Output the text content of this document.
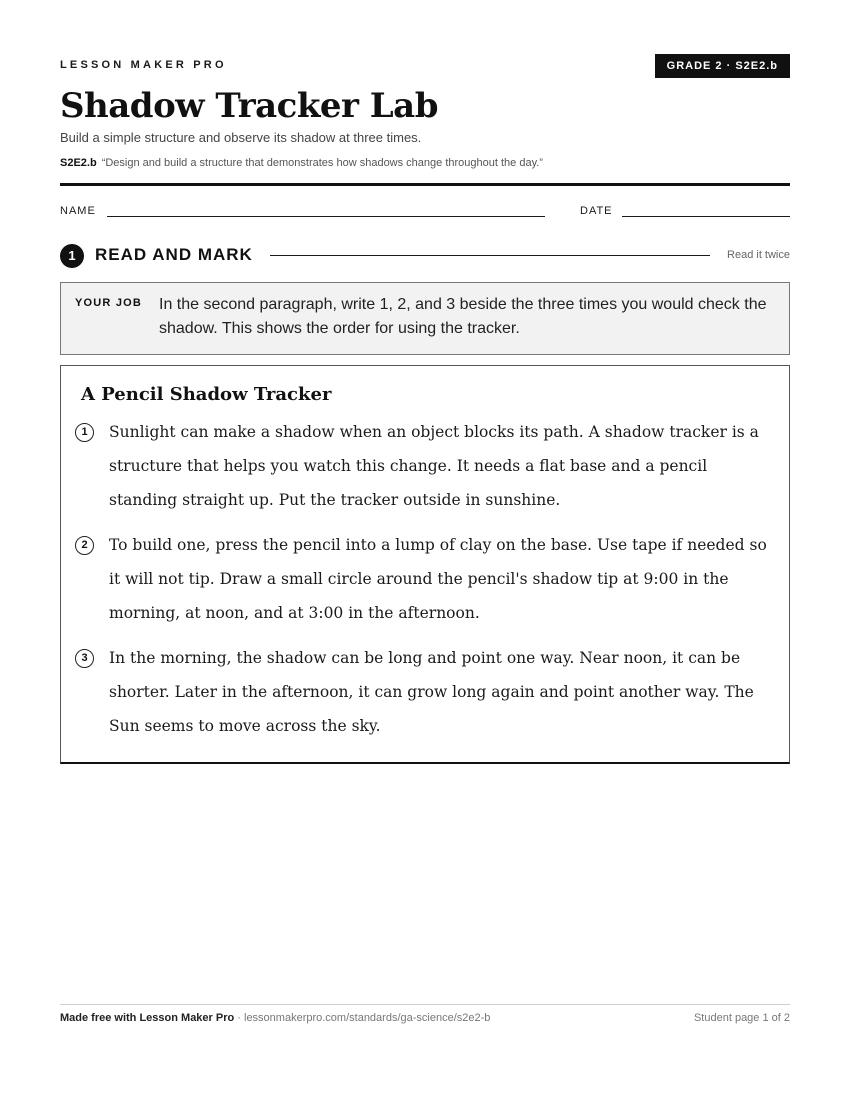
LESSON MAKER PRO	GRADE 2 · S2E2.b
Shadow Tracker Lab
Build a simple structure and observe its shadow at three times.
S2E2.b “Design and build a structure that demonstrates how shadows change throughout the day.”
NAME	DATE
1	READ AND MARK	Read it twice
YOUR JOB In the second paragraph, write 1, 2, and 3 beside the three times you would check the shadow. This shows the order for using the tracker.
A Pencil Shadow Tracker
1	Sunlight can make a shadow when an object blocks its path. A shadow tracker is a structure that helps you watch this change. It needs a flat base and a pencil standing straight up. Put the tracker outside in sunshine.
2	To build one, press the pencil into a lump of clay on the base. Use tape if needed so it will not tip. Draw a small circle around the pencil's shadow tip at 9:00 in the morning, at noon, and at 3:00 in the afternoon.
3	In the morning, the shadow can be long and point one way. Near noon, it can be shorter. Later in the afternoon, it can grow long again and point another way. The Sun seems to move across the sky.
Made free with Lesson Maker Pro · lessonmakerpro.com/standards/ga-science/s2e2-b	Student page 1 of 2
